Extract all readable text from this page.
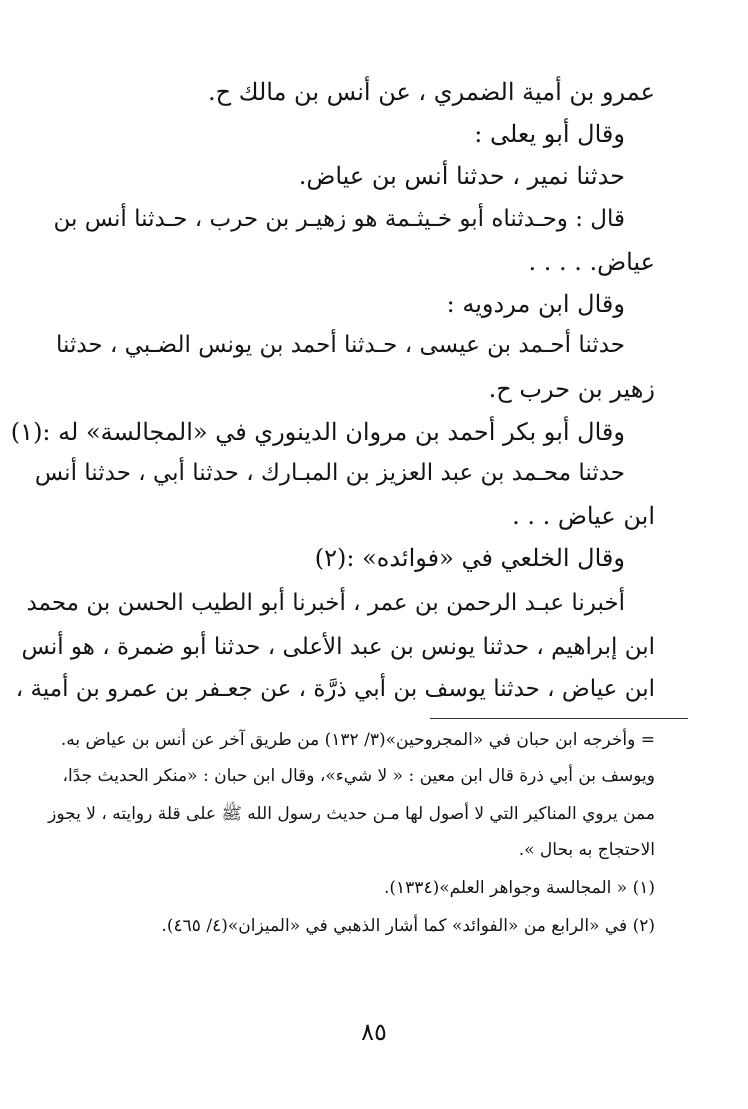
عمرو بن أمية الضمري ، عن أنس بن مالك ح.
وقال أبو يعلى :
حدثنا نمير ، حدثنا أنس بن عياض.
قال : وحـدثناه أبو خـيثـمة هو زهيـر بن حرب ، حـدثنا أنس بن
عياض. . . . .
وقال ابن مردويه :
حدثنا أحـمد بن عيسى ، حـدثنا أحمد بن يونس الضـبي ، حدثنا
زهير بن حرب ح.
وقال أبو بكر أحمد بن مروان الدينوري في «المجالسة» له :(١)
حدثنا محـمد بن عبد العزيز بن المبـارك ، حدثنا أبي ، حدثنا أنس
ابن عياض . . .
وقال الخلعي في «فوائده» :(٢)
أخبرنا عبـد الرحمن بن عمر ، أخبرنا أبو الطيب الحسن بن محمد
ابن إبراهيم ، حدثنا يونس بن عبد الأعلى ، حدثنا أبو ضمرة ، هو أنس
ابن عياض ، حدثنا يوسف بن أبي ذرَّة ، عن جعـفر بن عمرو بن أمية ،
= وأخرجه ابن حبان في «المجروحين»(٣/ ١٣٢) من طريق آخر عن أنس بن عياض به.
ويوسف بن أبي ذرة قال ابن معين : « لا شيء»، وقال ابن حبان : «منكر الحديث جدًا،
ممن يروي المناكير التي لا أصول لها مـن حديث رسول الله ﷺ على قلة روايته ، لا يجوز
الاحتجاج به بحال ».
(١) « المجالسة وجواهر العلم»(١٣٣٤).
(٢) في «الرابع من «الفوائد» كما أشار الذهبي في «الميزان»(٤/ ٤٦٥).
٨٥
